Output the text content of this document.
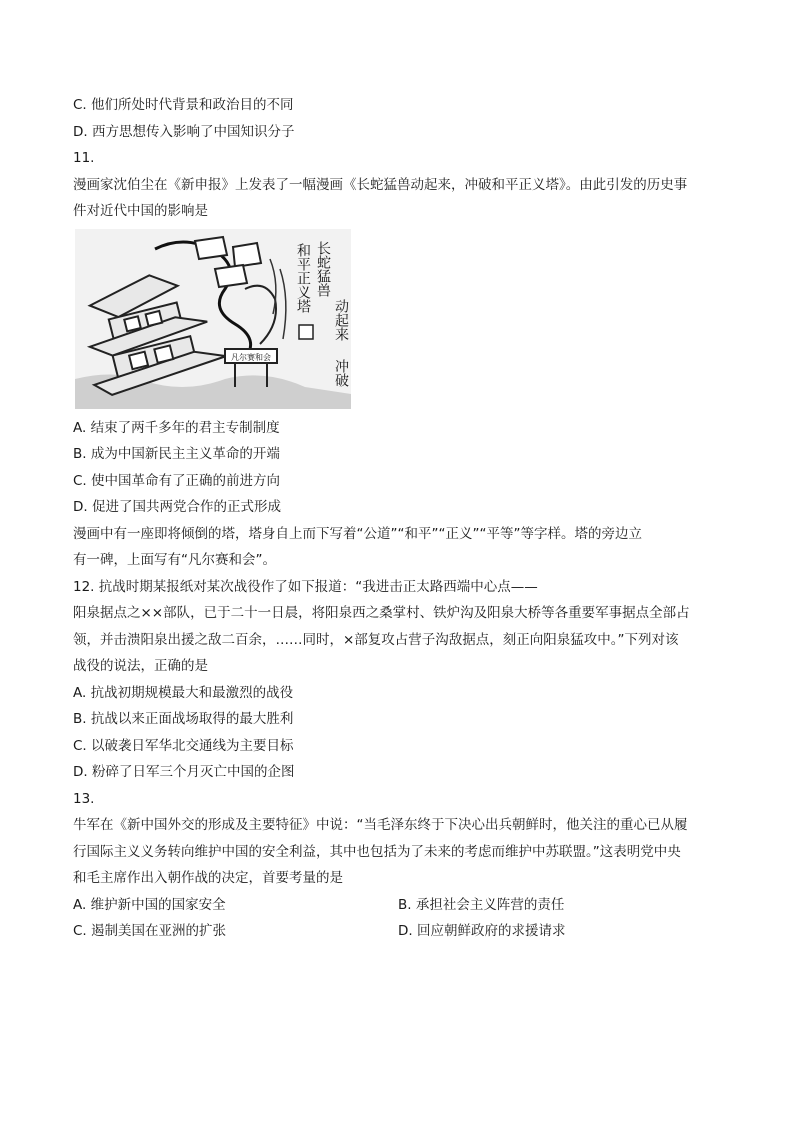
C. 他们所处时代背景和政治目的不同
D. 西方思想传入影响了中国知识分子
11.
漫画家沈伯尘在《新申报》上发表了一幅漫画《长蛇猛兽动起来，冲破和平正义塔》。由此引发的历史事
件对近代中国的影响是
凡尔赛和会
长蛇猛兽
动起来
冲破
和平正义塔
A. 结束了两千多年的君主专制制度
B. 成为中国新民主主义革命的开端
C. 使中国革命有了正确的前进方向
D. 促进了国共两党合作的正式形成
漫画中有一座即将倾倒的塔，塔身自上而下写着“公道”“和平”“正义”“平等”等字样。塔的旁边立
有一碑，上面写有“凡尔赛和会”。
12. 抗战时期某报纸对某次战役作了如下报道：“我进击正太路西端中心点——
阳泉据点之××部队，已于二十一日晨，将阳泉西之桑掌村、铁炉沟及阳泉大桥等各重要军事据点全部占
领，并击溃阳泉出援之敌二百余，……同时，×部复攻占营子沟敌据点，刻正向阳泉猛攻中。”下列对该
战役的说法，正确的是
A. 抗战初期规模最大和最激烈的战役
B. 抗战以来正面战场取得的最大胜利
C. 以破袭日军华北交通线为主要目标
D. 粉碎了日军三个月灭亡中国的企图
13.
牛军在《新中国外交的形成及主要特征》中说：“当毛泽东终于下决心出兵朝鲜时，他关注的重心已从履
行国际主义义务转向维护中国的安全利益，其中也包括为了未来的考虑而维护中苏联盟。”这表明党中央
和毛主席作出入朝作战的决定，首要考量的是
A. 维护新中国的国家安全	B. 承担社会主义阵营的责任
C. 遏制美国在亚洲的扩张	D. 回应朝鲜政府的求援请求
